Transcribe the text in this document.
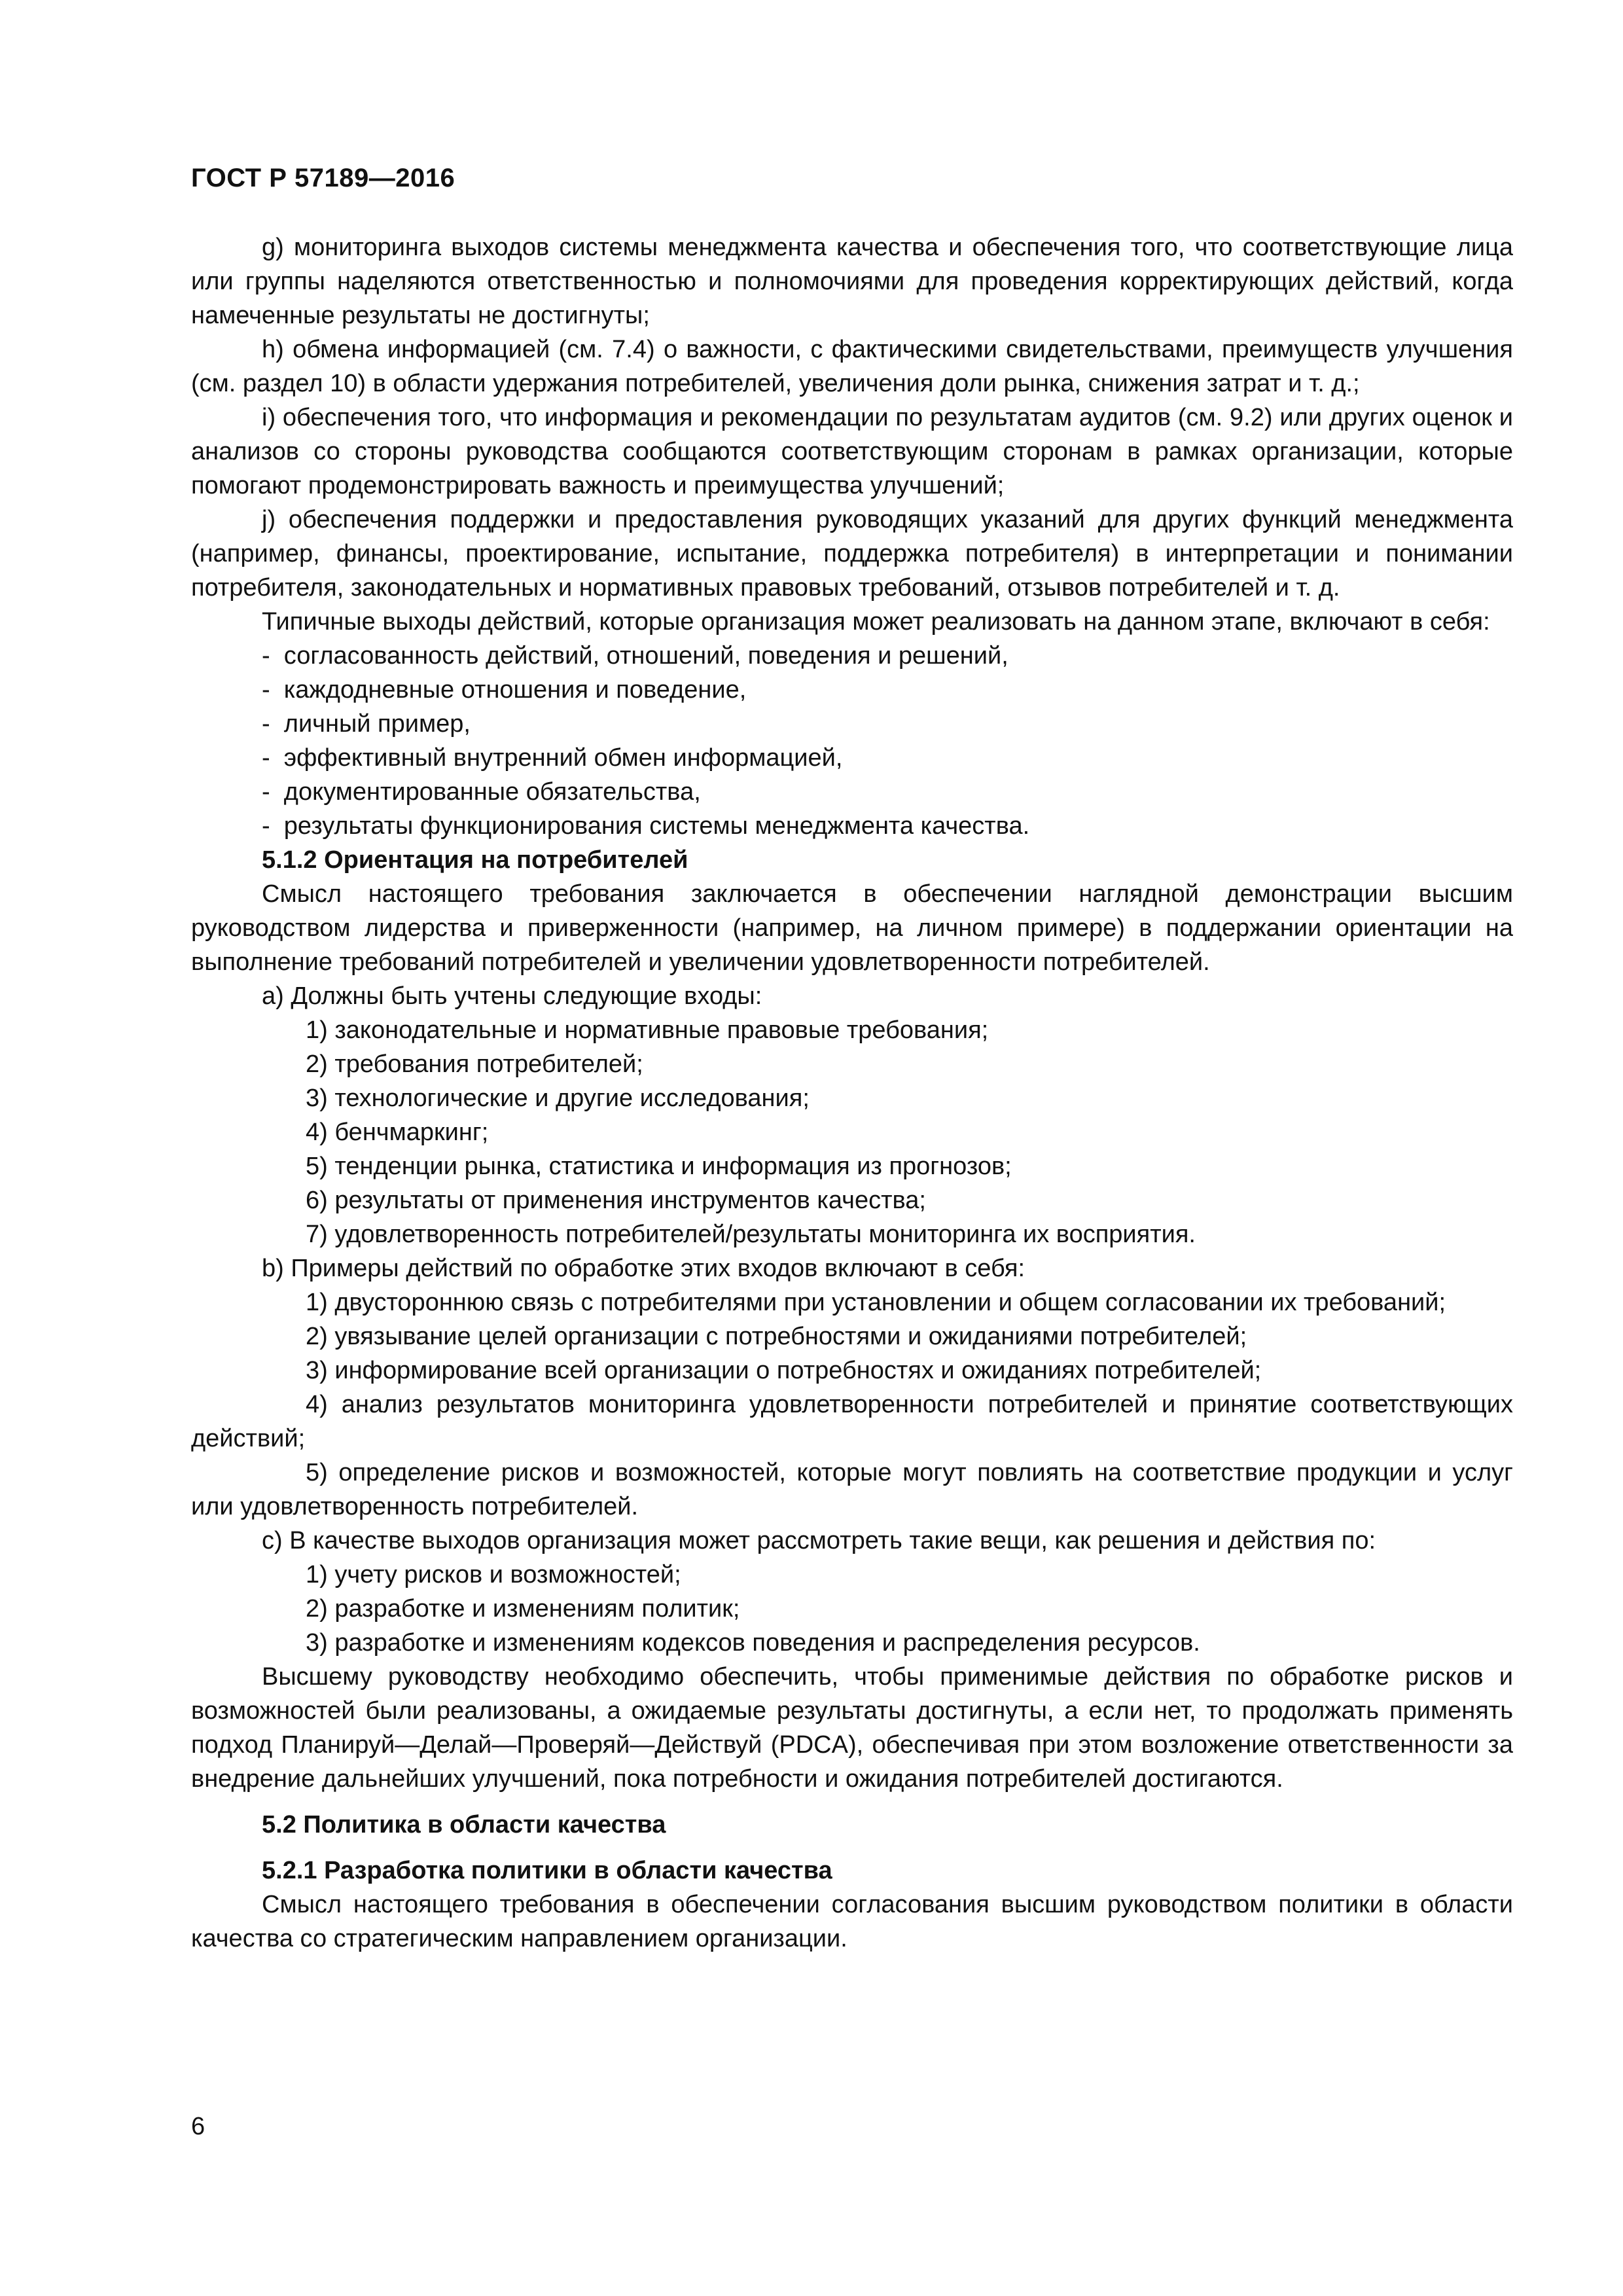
ГОСТ Р 57189—2016

g) мониторинга выходов системы менеджмента качества и обеспечения того, что соответствующие лица или группы наделяются ответственностью и полномочиями для проведения корректирующих действий, когда намеченные результаты не достигнуты;

h) обмена информацией (см. 7.4) о важности, с фактическими свидетельствами, преимуществ улучшения (см. раздел 10) в области удержания потребителей, увеличения доли рынка, снижения затрат и т. д.;

i) обеспечения того, что информация и рекомендации по результатам аудитов (см. 9.2) или других оценок и анализов со стороны руководства сообщаются соответствующим сторонам в рамках организации, которые помогают продемонстрировать важность и преимущества улучшений;

j) обеспечения поддержки и предоставления руководящих указаний для других функций менеджмента (например, финансы, проектирование, испытание, поддержка потребителя) в интерпретации и понимании потребителя, законодательных и нормативных правовых требований, отзывов потребителей и т. д.

Типичные выходы действий, которые организация может реализовать на данном этапе, включают в себя:

-  согласованность действий, отношений, поведения и решений,

-  каждодневные отношения и поведение,

-  личный пример,

-  эффективный внутренний обмен информацией,

-  документированные обязательства,

-  результаты функционирования системы менеджмента качества.

5.1.2 Ориентация на потребителей

Смысл настоящего требования заключается в обеспечении наглядной демонстрации высшим руководством лидерства и приверженности (например, на личном примере) в поддержании ориентации на выполнение требований потребителей и увеличении удовлетворенности потребителей.

a) Должны быть учтены следующие входы:

1) законодательные и нормативные правовые требования;

2) требования потребителей;

3) технологические и другие исследования;

4) бенчмаркинг;

5) тенденции рынка, статистика и информация из прогнозов;

6) результаты от применения инструментов качества;

7) удовлетворенность потребителей/результаты мониторинга их восприятия.

b) Примеры действий по обработке этих входов включают в себя:

1) двустороннюю связь с потребителями при установлении и общем согласовании их требований;

2) увязывание целей организации с потребностями и ожиданиями потребителей;

3) информирование всей организации о потребностях и ожиданиях потребителей;

4) анализ результатов мониторинга удовлетворенности потребителей и принятие соответствующих действий;

5) определение рисков и возможностей, которые могут повлиять на соответствие продукции и услуг или удовлетворенность потребителей.

c) В качестве выходов организация может рассмотреть такие вещи, как решения и действия по:

1) учету рисков и возможностей;

2) разработке и изменениям политик;

3) разработке и изменениям кодексов поведения и распределения ресурсов.

Высшему руководству необходимо обеспечить, чтобы применимые действия по обработке рисков и возможностей были реализованы, а ожидаемые результаты достигнуты, а если нет, то продолжать применять подход Планируй—Делай—Проверяй—Действуй (PDCA), обеспечивая при этом возложение ответственности за внедрение дальнейших улучшений, пока потребности и ожидания потребителей достигаются.

5.2 Политика в области качества

5.2.1 Разработка политики в области качества

Смысл настоящего требования в обеспечении согласования высшим руководством политики в области качества со стратегическим направлением организации.

6
